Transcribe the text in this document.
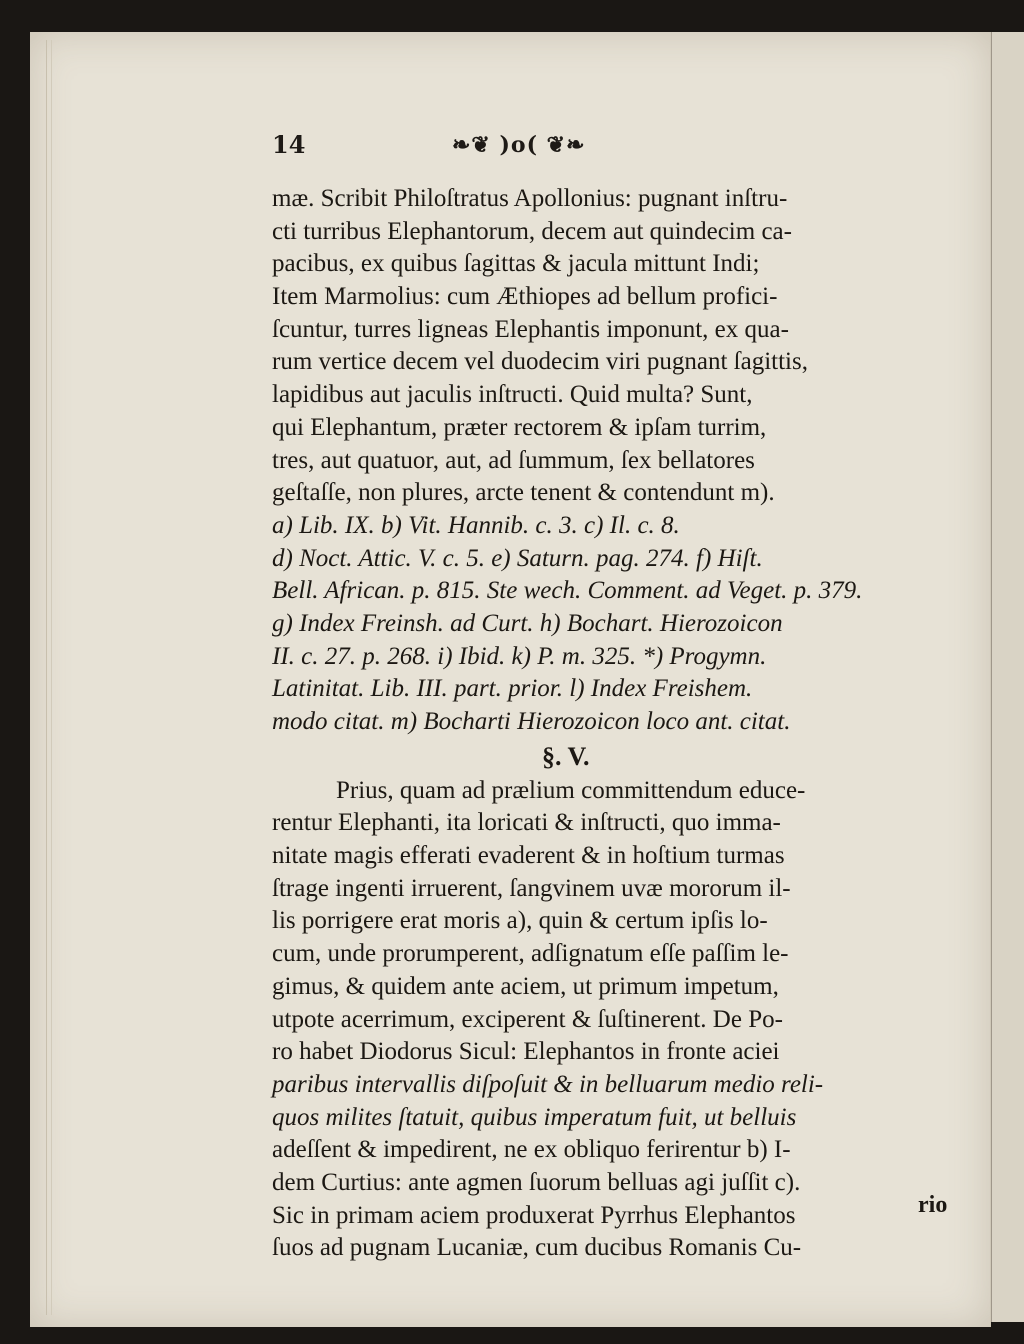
14	❧❦ )o( ❦❧
mæ. Scribit Philoſtratus Apollonius: pugnant inſtru-
cti turribus Elephantorum, decem aut quindecim ca-
pacibus, ex quibus ſagittas & jacula mittunt Indi;
Item Marmolius: cum Æthiopes ad bellum profici-
ſcuntur, turres ligneas Elephantis imponunt, ex qua-
rum vertice decem vel duodecim viri pugnant ſagittis,
lapidibus aut jaculis inſtructi. Quid multa? Sunt,
qui Elephantum, præter rectorem & ipſam turrim,
tres, aut quatuor, aut, ad ſummum, ſex bellatores
geſtaſſe, non plures, arcte tenent & contendunt m).
a) Lib. IX. b) Vit. Hannib. c. 3. c) Il. c. 8.
d) Noct. Attic. V. c. 5. e) Saturn. pag. 274. f) Hiſt.
Bell. African. p. 815. Ste wech. Comment. ad Veget. p. 379.
g) Index Freinsh. ad Curt. h) Bochart. Hierozoicon
II. c. 27. p. 268. i) Ibid. k) P. m. 325. *) Progymn.
Latinitat. Lib. III. part. prior. l) Index Freishem.
modo citat. m) Bocharti Hierozoicon loco ant. citat.
§. V.
Prius, quam ad prælium committendum educe-
rentur Elephanti, ita loricati & inſtructi, quo imma-
nitate magis efferati evaderent & in hoſtium turmas
ſtrage ingenti irruerent, ſangvinem uvæ mororum il-
lis porrigere erat moris a), quin & certum ipſis lo-
cum, unde prorumperent, adſignatum eſſe paſſim le-
gimus, & quidem ante aciem, ut primum impetum,
utpote acerrimum, exciperent & ſuſtinerent. De Po-
ro habet Diodorus Sicul: Elephantos in fronte aciei
paribus intervallis diſpoſuit & in belluarum medio reli-
quos milites ſtatuit, quibus imperatum fuit, ut belluis
adeſſent & impedirent, ne ex obliquo ferirentur b) I-
dem Curtius: ante agmen ſuorum belluas agi juſſit c).
Sic in primam aciem produxerat Pyrrhus Elephantos
ſuos ad pugnam Lucaniæ, cum ducibus Romanis Cu-
rio
